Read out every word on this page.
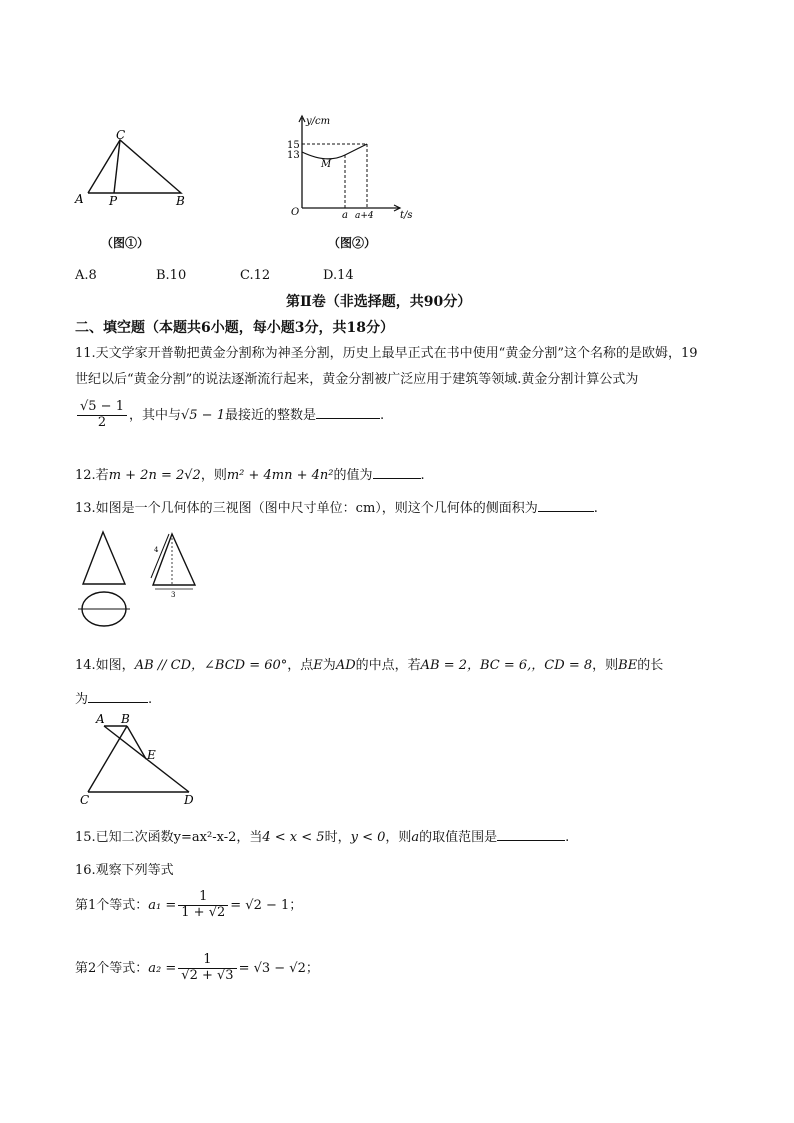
C
A P	B
（图①）
y/cm
15
13
M
O	a a+4	t/s
（图②）
A.8	B.10	C.12	D.14
第Ⅱ卷（非选择题，共90分）
二、填空题（本题共6小题，每小题3分，共18分）
11.天文学家开普勒把黄金分割称为神圣分割，历史上最早正式在书中使用“黄金分割”这个名称的是欧姆，19
世纪以后“黄金分割”的说法逐渐流行起来，黄金分割被广泛应用于建筑等领域.黄金分割计算公式为
$\frac{√5 - 1}{2}$ ，其中与√5 − 1最接近的整数是	.
12.若m + 2n = 2√2，则m² + 4mn + 4n²的值为	.
13.如图是一个几何体的三视图（图中尺寸单位：cm），则这个几何体的侧面积为	.
4
3
14.如图，AB // CD，∠BCD = 60°，点E为AD的中点，若AB = 2，BC = 6,，CD = 8，则BE的长
为	.
A B
E
C	D
15.已知二次函数y=ax²-x-2，当4 < x < 5时，y < 0，则a的取值范围是	.
16.观察下列等式
第1个等式：$a_1 = \frac{1}{1 + √2} = √2 - 1$；
第2个等式：$a_2 = \frac{1}{√2 + √3} = √3 - √2$；
